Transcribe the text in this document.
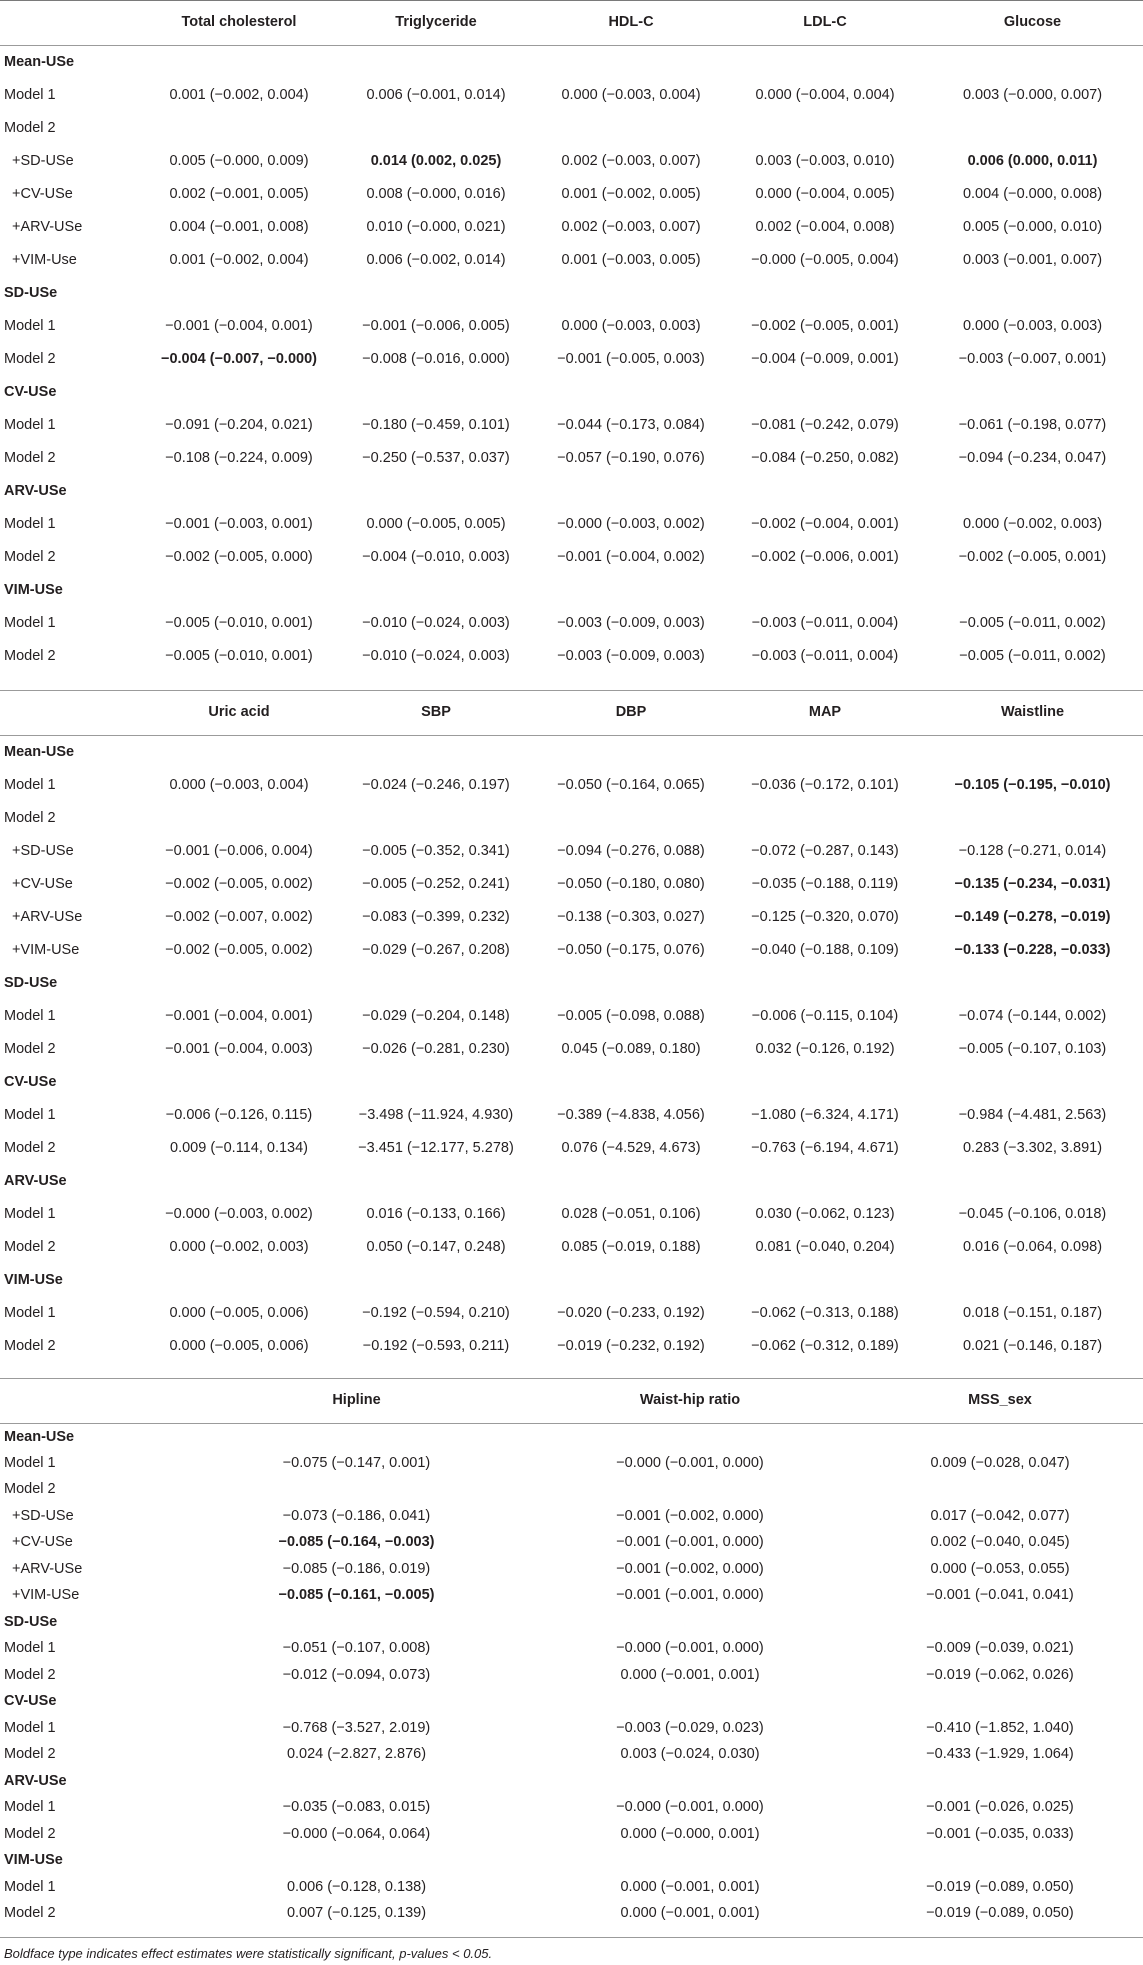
	Total cholesterol	Triglyceride	HDL-C	LDL-C	Glucose
Mean-USe					
Model 1	0.001 (−0.002, 0.004)	0.006 (−0.001, 0.014)	0.000 (−0.003, 0.004)	0.000 (−0.004, 0.004)	0.003 (−0.000, 0.007)
Model 2					
+SD-USe	0.005 (−0.000, 0.009)	0.014 (0.002, 0.025)	0.002 (−0.003, 0.007)	0.003 (−0.003, 0.010)	0.006 (0.000, 0.011)
+CV-USe	0.002 (−0.001, 0.005)	0.008 (−0.000, 0.016)	0.001 (−0.002, 0.005)	0.000 (−0.004, 0.005)	0.004 (−0.000, 0.008)
+ARV-USe	0.004 (−0.001, 0.008)	0.010 (−0.000, 0.021)	0.002 (−0.003, 0.007)	0.002 (−0.004, 0.008)	0.005 (−0.000, 0.010)
+VIM-Use	0.001 (−0.002, 0.004)	0.006 (−0.002, 0.014)	0.001 (−0.003, 0.005)	−0.000 (−0.005, 0.004)	0.003 (−0.001, 0.007)
SD-USe					
Model 1	−0.001 (−0.004, 0.001)	−0.001 (−0.006, 0.005)	0.000 (−0.003, 0.003)	−0.002 (−0.005, 0.001)	0.000 (−0.003, 0.003)
Model 2	−0.004 (−0.007, −0.000)	−0.008 (−0.016, 0.000)	−0.001 (−0.005, 0.003)	−0.004 (−0.009, 0.001)	−0.003 (−0.007, 0.001)
CV-USe					
Model 1	−0.091 (−0.204, 0.021)	−0.180 (−0.459, 0.101)	−0.044 (−0.173, 0.084)	−0.081 (−0.242, 0.079)	−0.061 (−0.198, 0.077)
Model 2	−0.108 (−0.224, 0.009)	−0.250 (−0.537, 0.037)	−0.057 (−0.190, 0.076)	−0.084 (−0.250, 0.082)	−0.094 (−0.234, 0.047)
ARV-USe					
Model 1	−0.001 (−0.003, 0.001)	0.000 (−0.005, 0.005)	−0.000 (−0.003, 0.002)	−0.002 (−0.004, 0.001)	0.000 (−0.002, 0.003)
Model 2	−0.002 (−0.005, 0.000)	−0.004 (−0.010, 0.003)	−0.001 (−0.004, 0.002)	−0.002 (−0.006, 0.001)	−0.002 (−0.005, 0.001)
VIM-USe					
Model 1	−0.005 (−0.010, 0.001)	−0.010 (−0.024, 0.003)	−0.003 (−0.009, 0.003)	−0.003 (−0.011, 0.004)	−0.005 (−0.011, 0.002)
Model 2	−0.005 (−0.010, 0.001)	−0.010 (−0.024, 0.003)	−0.003 (−0.009, 0.003)	−0.003 (−0.011, 0.004)	−0.005 (−0.011, 0.002)
	Uric acid	SBP	DBP	MAP	Waistline
Mean-USe					
Model 1	0.000 (−0.003, 0.004)	−0.024 (−0.246, 0.197)	−0.050 (−0.164, 0.065)	−0.036 (−0.172, 0.101)	−0.105 (−0.195, −0.010)
Model 2					
+SD-USe	−0.001 (−0.006, 0.004)	−0.005 (−0.352, 0.341)	−0.094 (−0.276, 0.088)	−0.072 (−0.287, 0.143)	−0.128 (−0.271, 0.014)
+CV-USe	−0.002 (−0.005, 0.002)	−0.005 (−0.252, 0.241)	−0.050 (−0.180, 0.080)	−0.035 (−0.188, 0.119)	−0.135 (−0.234, −0.031)
+ARV-USe	−0.002 (−0.007, 0.002)	−0.083 (−0.399, 0.232)	−0.138 (−0.303, 0.027)	−0.125 (−0.320, 0.070)	−0.149 (−0.278, −0.019)
+VIM-USe	−0.002 (−0.005, 0.002)	−0.029 (−0.267, 0.208)	−0.050 (−0.175, 0.076)	−0.040 (−0.188, 0.109)	−0.133 (−0.228, −0.033)
SD-USe					
Model 1	−0.001 (−0.004, 0.001)	−0.029 (−0.204, 0.148)	−0.005 (−0.098, 0.088)	−0.006 (−0.115, 0.104)	−0.074 (−0.144, 0.002)
Model 2	−0.001 (−0.004, 0.003)	−0.026 (−0.281, 0.230)	0.045 (−0.089, 0.180)	0.032 (−0.126, 0.192)	−0.005 (−0.107, 0.103)
CV-USe					
Model 1	−0.006 (−0.126, 0.115)	−3.498 (−11.924, 4.930)	−0.389 (−4.838, 4.056)	−1.080 (−6.324, 4.171)	−0.984 (−4.481, 2.563)
Model 2	0.009 (−0.114, 0.134)	−3.451 (−12.177, 5.278)	0.076 (−4.529, 4.673)	−0.763 (−6.194, 4.671)	0.283 (−3.302, 3.891)
ARV-USe					
Model 1	−0.000 (−0.003, 0.002)	0.016 (−0.133, 0.166)	0.028 (−0.051, 0.106)	0.030 (−0.062, 0.123)	−0.045 (−0.106, 0.018)
Model 2	0.000 (−0.002, 0.003)	0.050 (−0.147, 0.248)	0.085 (−0.019, 0.188)	0.081 (−0.040, 0.204)	0.016 (−0.064, 0.098)
VIM-USe					
Model 1	0.000 (−0.005, 0.006)	−0.192 (−0.594, 0.210)	−0.020 (−0.233, 0.192)	−0.062 (−0.313, 0.188)	0.018 (−0.151, 0.187)
Model 2	0.000 (−0.005, 0.006)	−0.192 (−0.593, 0.211)	−0.019 (−0.232, 0.192)	−0.062 (−0.312, 0.189)	0.021 (−0.146, 0.187)
	Hipline	Waist-hip ratio	MSS_sex
Mean-USe			
Model 1	−0.075 (−0.147, 0.001)	−0.000 (−0.001, 0.000)	0.009 (−0.028, 0.047)
Model 2			
+SD-USe	−0.073 (−0.186, 0.041)	−0.001 (−0.002, 0.000)	0.017 (−0.042, 0.077)
+CV-USe	−0.085 (−0.164, −0.003)	−0.001 (−0.001, 0.000)	0.002 (−0.040, 0.045)
+ARV-USe	−0.085 (−0.186, 0.019)	−0.001 (−0.002, 0.000)	0.000 (−0.053, 0.055)
+VIM-USe	−0.085 (−0.161, −0.005)	−0.001 (−0.001, 0.000)	−0.001 (−0.041, 0.041)
SD-USe			
Model 1	−0.051 (−0.107, 0.008)	−0.000 (−0.001, 0.000)	−0.009 (−0.039, 0.021)
Model 2	−0.012 (−0.094, 0.073)	0.000 (−0.001, 0.001)	−0.019 (−0.062, 0.026)
CV-USe			
Model 1	−0.768 (−3.527, 2.019)	−0.003 (−0.029, 0.023)	−0.410 (−1.852, 1.040)
Model 2	0.024 (−2.827, 2.876)	0.003 (−0.024, 0.030)	−0.433 (−1.929, 1.064)
ARV-USe			
Model 1	−0.035 (−0.083, 0.015)	−0.000 (−0.001, 0.000)	−0.001 (−0.026, 0.025)
Model 2	−0.000 (−0.064, 0.064)	0.000 (−0.000, 0.001)	−0.001 (−0.035, 0.033)
VIM-USe			
Model 1	0.006 (−0.128, 0.138)	0.000 (−0.001, 0.001)	−0.019 (−0.089, 0.050)
Model 2	0.007 (−0.125, 0.139)	0.000 (−0.001, 0.001)	−0.019 (−0.089, 0.050)
Boldface type indicates effect estimates were statistically significant, p-values < 0.05.
